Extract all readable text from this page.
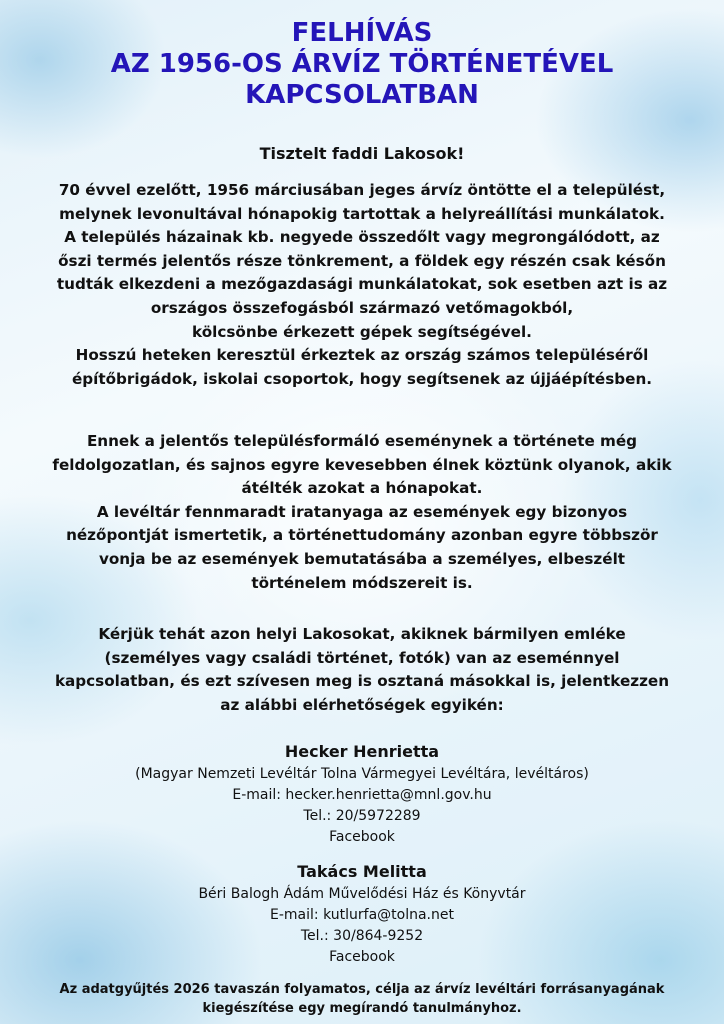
FELHÍVÁS
AZ 1956-OS ÁRVÍZ TÖRTÉNETÉVEL
KAPCSOLATBAN

Tisztelt faddi Lakosok!

70 évvel ezelőtt, 1956 márciusában jeges árvíz öntötte el a települést,
melynek levonultával hónapokig tartottak a helyreállítási munkálatok.
A település házainak kb. negyede összedőlt vagy megrongálódott, az
őszi termés jelentős része tönkrement, a földek egy részén csak későn
tudták elkezdeni a mezőgazdasági munkálatokat, sok esetben azt is az
országos összefogásból származó vetőmagokból,
kölcsönbe érkezett gépek segítségével.
Hosszú heteken keresztül érkeztek az ország számos településéről
építőbrigádok, iskolai csoportok, hogy segítsenek az újjáépítésben.
Ennek a jelentős településformáló eseménynek a története még
feldolgozatlan, és sajnos egyre kevesebben élnek köztünk olyanok, akik
átélték azokat a hónapokat.
A levéltár fennmaradt iratanyaga az események egy bizonyos
nézőpontját ismertetik, a történettudomány azonban egyre többször
vonja be az események bemutatásába a személyes, elbeszélt
történelem módszereit is.
Kérjük tehát azon helyi Lakosokat, akiknek bármilyen emléke
(személyes vagy családi történet, fotók) van az eseménnyel
kapcsolatban, és ezt szívesen meg is osztaná másokkal is, jelentkezzen
az alábbi elérhetőségek egyikén:
Hecker Henrietta
(Magyar Nemzeti Levéltár Tolna Vármegyei Levéltára, levéltáros)
E-mail: hecker.henrietta@mnl.gov.hu
Tel.: 20/5972289
Facebook
Takács Melitta
Béri Balogh Ádám Művelődési Ház és Könyvtár
E-mail: kutlurfa@tolna.net
Tel.: 30/864-9252
Facebook
Az adatgyűjtés 2026 tavaszán folyamatos, célja az árvíz levéltári forrásanyagának
kiegészítése egy megírandó tanulmányhoz.
